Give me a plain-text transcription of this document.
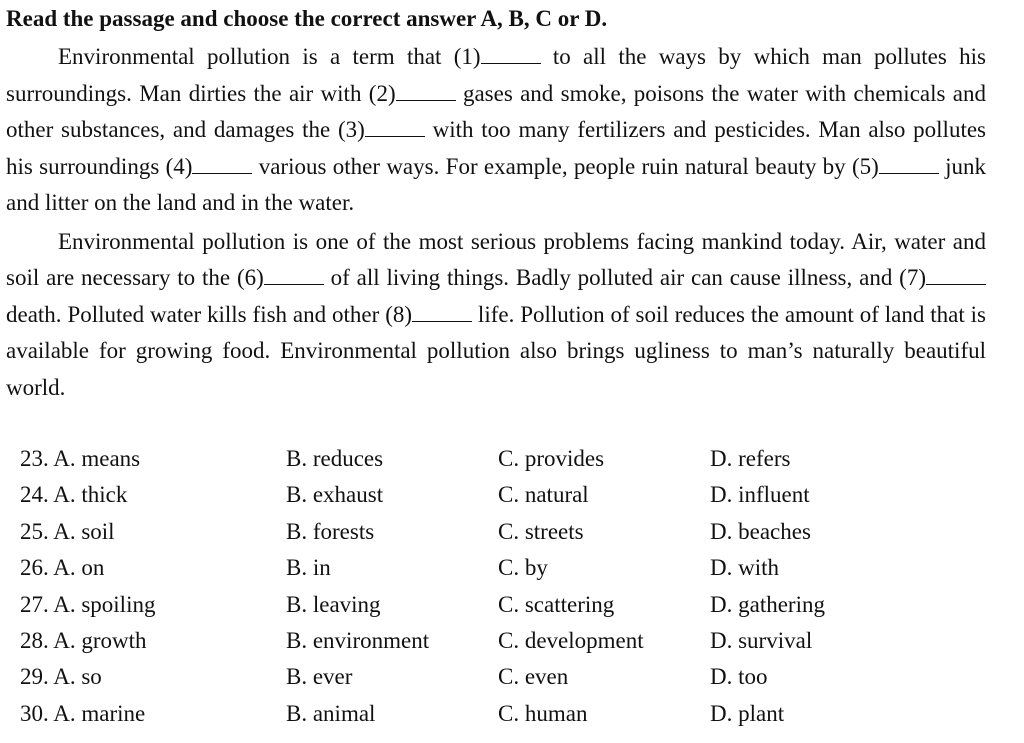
Read the passage and choose the correct answer A, B, C or D.

Environmental pollution is a term that (1)	to all the ways by which man pollutes his surroundings. Man dirties the air with (2)	gases and smoke, poisons the water with chemicals and other substances, and damages the (3)	with too many fertilizers and pesticides. Man also pollutes his surroundings (4)	various other ways. For example, people ruin natural beauty by (5)	junk and litter on the land and in the water.

Environmental pollution is one of the most serious problems facing mankind today. Air, water and soil are necessary to the (6)	of all living things. Badly polluted air can cause illness, and (7) death. Polluted water kills fish and other (8)	life. Pollution of soil reduces the amount of land that is available for growing food. Environmental pollution also brings ugliness to man’s naturally beautiful world.

23. A. means	B. reduces	C. provides	D. refers
24. A. thick	B. exhaust	C. natural	D. influent
25. A. soil	B. forests	C. streets	D. beaches
26. A. on	B. in	C. by	D. with
27. A. spoiling	B. leaving	C. scattering	D. gathering
28. A. growth	B. environment	C. development	D. survival
29. A. so	B. ever	C. even	D. too
30. A. marine	B. animal	C. human	D. plant
